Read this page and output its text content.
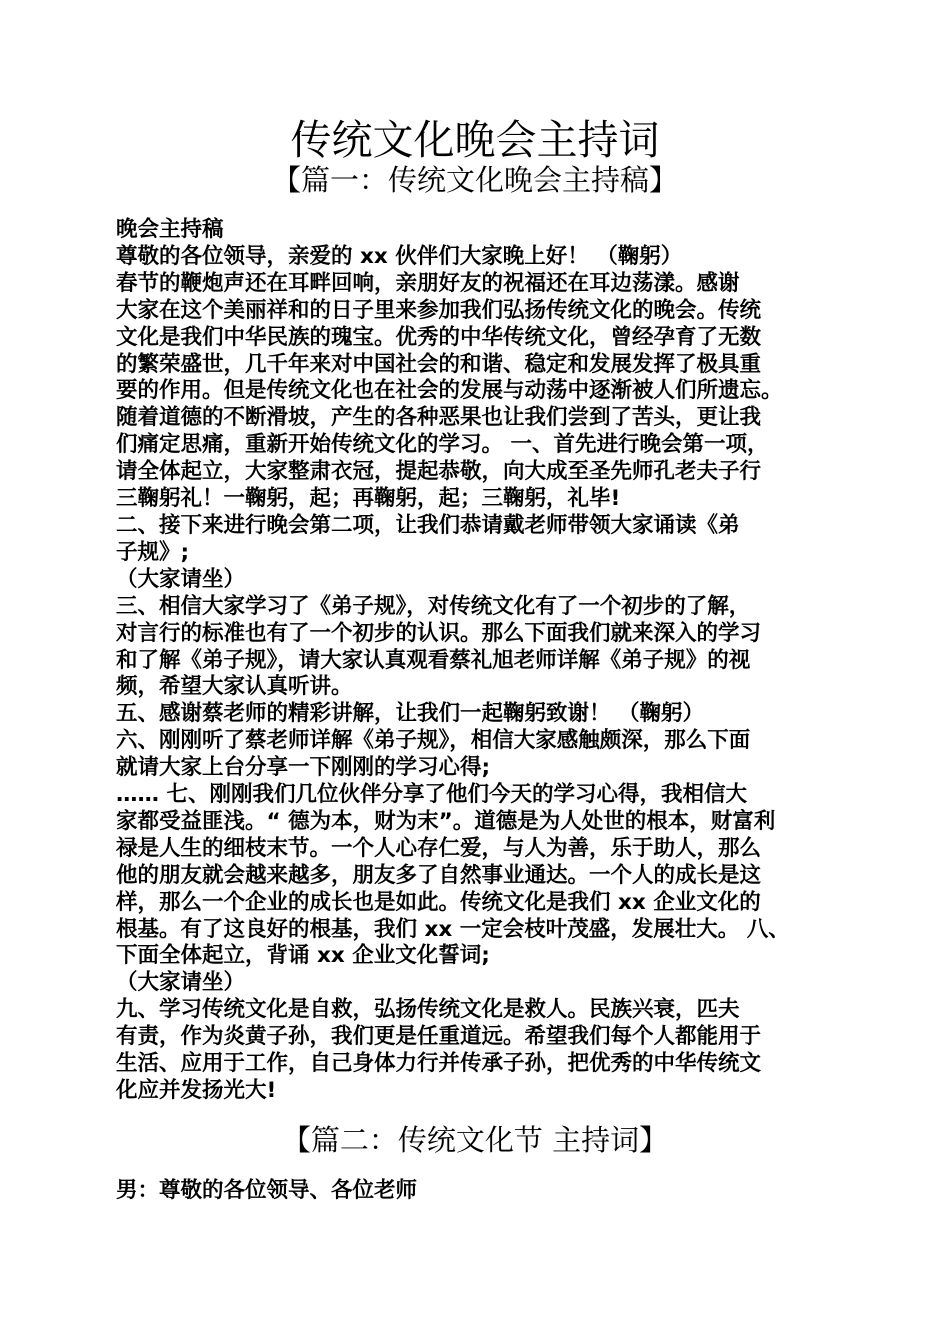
传统文化晚会主持词
【篇一：传统文化晚会主持稿】

晚会主持稿
尊敬的各位领导，亲爱的 xx 伙伴们大家晚上好！ （鞠躬）
春节的鞭炮声还在耳畔回响，亲朋好友的祝福还在耳边荡漾。感谢
大家在这个美丽祥和的日子里来参加我们弘扬传统文化的晚会。传统
文化是我们中华民族的瑰宝。优秀的中华传统文化，曾经孕育了无数
的繁荣盛世，几千年来对中国社会的和谐、稳定和发展发挥了极具重
要的作用。但是传统文化也在社会的发展与动荡中逐渐被人们所遗忘。
随着道德的不断滑坡，产生的各种恶果也让我们尝到了苦头，更让我
们痛定思痛，重新开始传统文化的学习。 一、首先进行晚会第一项，
请全体起立，大家整肃衣冠，提起恭敬，向大成至圣先师孔老夫子行
三鞠躬礼！一鞠躬，起；再鞠躬，起；三鞠躬，礼毕!
二、接下来进行晚会第二项，让我们恭请戴老师带领大家诵读《弟
子规》;
（大家请坐）
三、相信大家学习了《弟子规》，对传统文化有了一个初步的了解，
对言行的标准也有了一个初步的认识。那么下面我们就来深入的学习
和了解《弟子规》，请大家认真观看蔡礼旭老师详解《弟子规》的视
频，希望大家认真听讲。
五、感谢蔡老师的精彩讲解，让我们一起鞠躬致谢！ （鞠躬）
六、刚刚听了蔡老师详解《弟子规》，相信大家感触颇深，那么下面
就请大家上台分享一下刚刚的学习心得;
…… 七、刚刚我们几位伙伴分享了他们今天的学习心得，我相信大
家都受益匪浅。“ 德为本，财为末”。道德是为人处世的根本，财富利
禄是人生的细枝末节。一个人心存仁爱，与人为善，乐于助人，那么
他的朋友就会越来越多，朋友多了自然事业通达。一个人的成长是这
样，那么一个企业的成长也是如此。传统文化是我们 xx 企业文化的
根基。有了这良好的根基，我们 xx 一定会枝叶茂盛，发展壮大。 八、
下面全体起立，背诵 xx 企业文化誓词;
（大家请坐）
九、学习传统文化是自救，弘扬传统文化是救人。民族兴衰，匹夫
有责，作为炎黄子孙，我们更是任重道远。希望我们每个人都能用于
生活、应用于工作，自己身体力行并传承子孙，把优秀的中华传统文
化应并发扬光大!

【篇二：传统文化节 主持词】

男：尊敬的各位领导、各位老师
